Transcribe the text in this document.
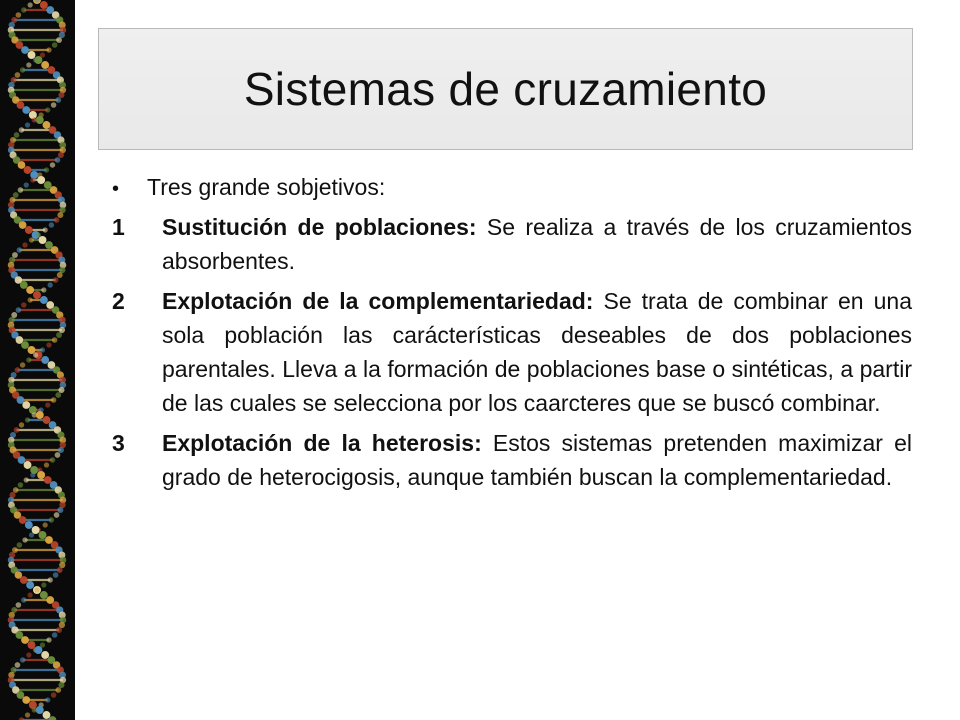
Sistemas de cruzamiento
•	Tres grande sobjetivos:
1	Sustitución de poblaciones: Se realiza a través de los cruzamientos absorbentes.
2	Explotación de la complementariedad: Se trata de combinar en una sola población las carácterísticas deseables de dos poblaciones parentales. Lleva a la formación de poblaciones base o sintéticas, a partir de las cuales se selecciona por los caarcteres que se buscó combinar.
3	Explotación de la heterosis: Estos sistemas pretenden maximizar el grado de heterocigosis, aunque también buscan la complementariedad.
